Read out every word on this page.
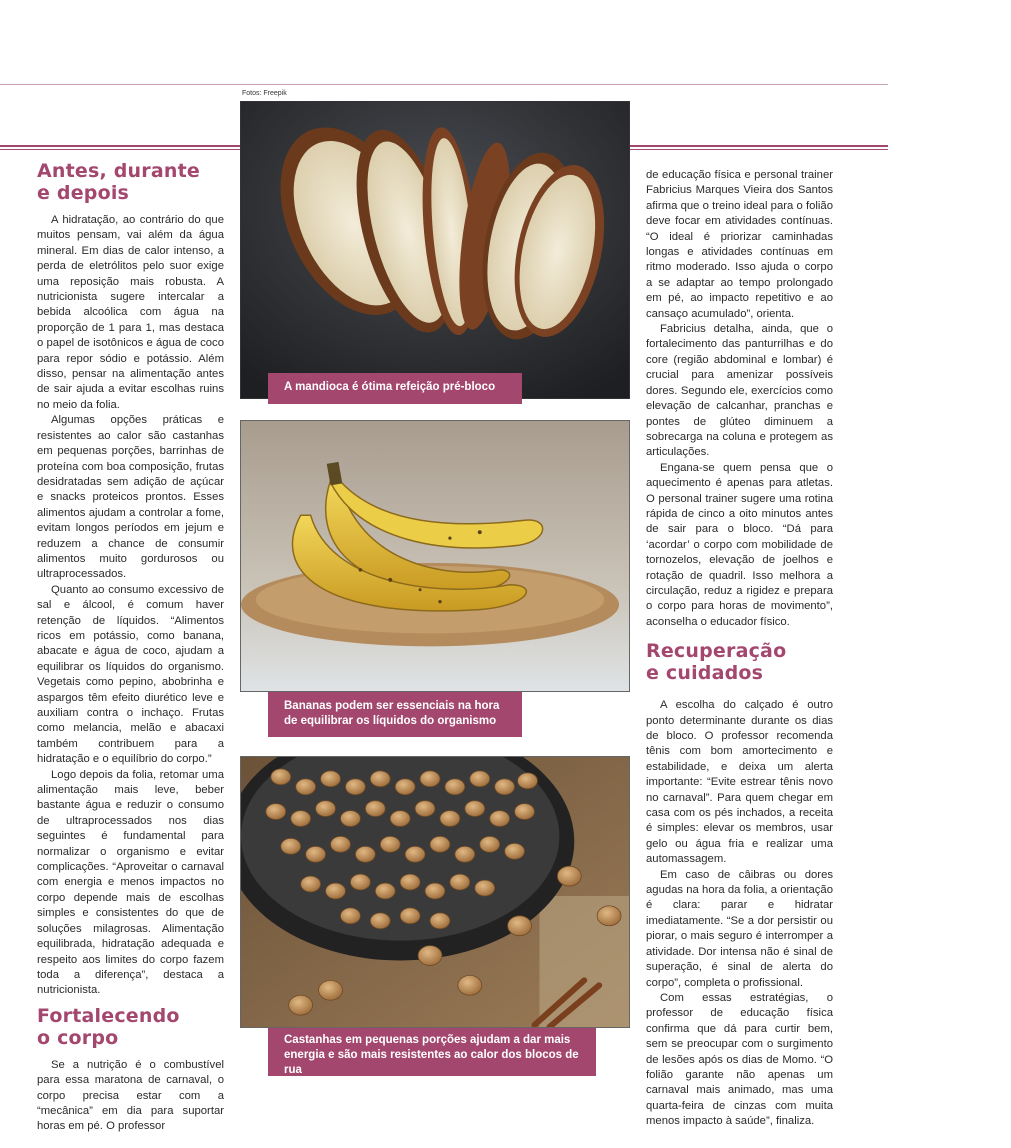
Fotos: Freepik
Antes, durante
e depois

A hidratação, ao contrário do que muitos pensam, vai além da água mineral. Em dias de calor intenso, a perda de eletrólitos pelo suor exige uma reposição mais robusta. A nutricionista sugere intercalar a bebida alcoólica com água na proporção de 1 para 1, mas destaca o papel de isotônicos e água de coco para repor sódio e potássio. Além disso, pensar na alimentação antes de sair ajuda a evitar escolhas ruins no meio da folia.

Algumas opções práticas e resistentes ao calor são castanhas em pequenas porções, barrinhas de proteína com boa composição, frutas desidratadas sem adição de açúcar e snacks proteicos prontos. Esses alimentos ajudam a controlar a fome, evitam longos períodos em jejum e reduzem a chance de consumir alimentos muito gordurosos ou ultraprocessados.

Quanto ao consumo excessivo de sal e álcool, é comum haver retenção de líquidos. “Alimentos ricos em potássio, como banana, abacate e água de coco, ajudam a equilibrar os líquidos do organismo. Vegetais como pepino, abobrinha e aspargos têm efeito diurético leve e auxiliam contra o inchaço. Frutas como melancia, melão e abacaxi também contribuem para a hidratação e o equilíbrio do corpo.”

Logo depois da folia, retomar uma alimentação mais leve, beber bastante água e reduzir o consumo de ultraprocessados nos dias seguintes é fundamental para normalizar o organismo e evitar complicações. “Aproveitar o carnaval com energia e menos impactos no corpo depende mais de escolhas simples e consistentes do que de soluções milagrosas. Alimentação equilibrada, hidratação adequada e respeito aos limites do corpo fazem toda a diferença”, destaca a nutricionista.

Fortalecendo
o corpo

Se a nutrição é o combustível para essa maratona de carnaval, o corpo precisa estar com a “mecânica” em dia para suportar horas em pé. O professor

A mandioca é ótima refeição pré-bloco
Bananas podem ser essenciais na hora de equilibrar os líquidos do organismo
Castanhas em pequenas porções ajudam a dar mais energia e são mais resistentes ao calor dos blocos de rua

de educação física e personal trainer Fabricius Marques Vieira dos Santos afirma que o treino ideal para o folião deve focar em atividades contínuas. “O ideal é priorizar caminhadas longas e atividades contínuas em ritmo moderado. Isso ajuda o corpo a se adaptar ao tempo prolongado em pé, ao impacto repetitivo e ao cansaço acumulado”, orienta.

Fabricius detalha, ainda, que o fortalecimento das panturrilhas e do core (região abdominal e lombar) é crucial para amenizar possíveis dores. Segundo ele, exercícios como elevação de calcanhar, pranchas e pontes de glúteo diminuem a sobrecarga na coluna e protegem as articulações.

Engana-se quem pensa que o aquecimento é apenas para atletas. O personal trainer sugere uma rotina rápida de cinco a oito minutos antes de sair para o bloco. “Dá para ‘acordar’ o corpo com mobilidade de tornozelos, elevação de joelhos e rotação de quadril. Isso melhora a circulação, reduz a rigidez e prepara o corpo para horas de movimento”, aconselha o educador físico.

Recuperação
e cuidados

A escolha do calçado é outro ponto determinante durante os dias de bloco. O professor recomenda tênis com bom amortecimento e estabilidade, e deixa um alerta importante: “Evite estrear tênis novo no carnaval”. Para quem chegar em casa com os pés inchados, a receita é simples: elevar os membros, usar gelo ou água fria e realizar uma automassagem.

Em caso de câibras ou dores agudas na hora da folia, a orientação é clara: parar e hidratar imediatamente. “Se a dor persistir ou piorar, o mais seguro é interromper a atividade. Dor intensa não é sinal de superação, é sinal de alerta do corpo”, completa o profissional.

Com essas estratégias, o professor de educação física confirma que dá para curtir bem, sem se preocupar com o surgimento de lesões após os dias de Momo. “O folião garante não apenas um carnaval mais animado, mas uma quarta-feira de cinzas com muita menos impacto à saúde”, finaliza.
